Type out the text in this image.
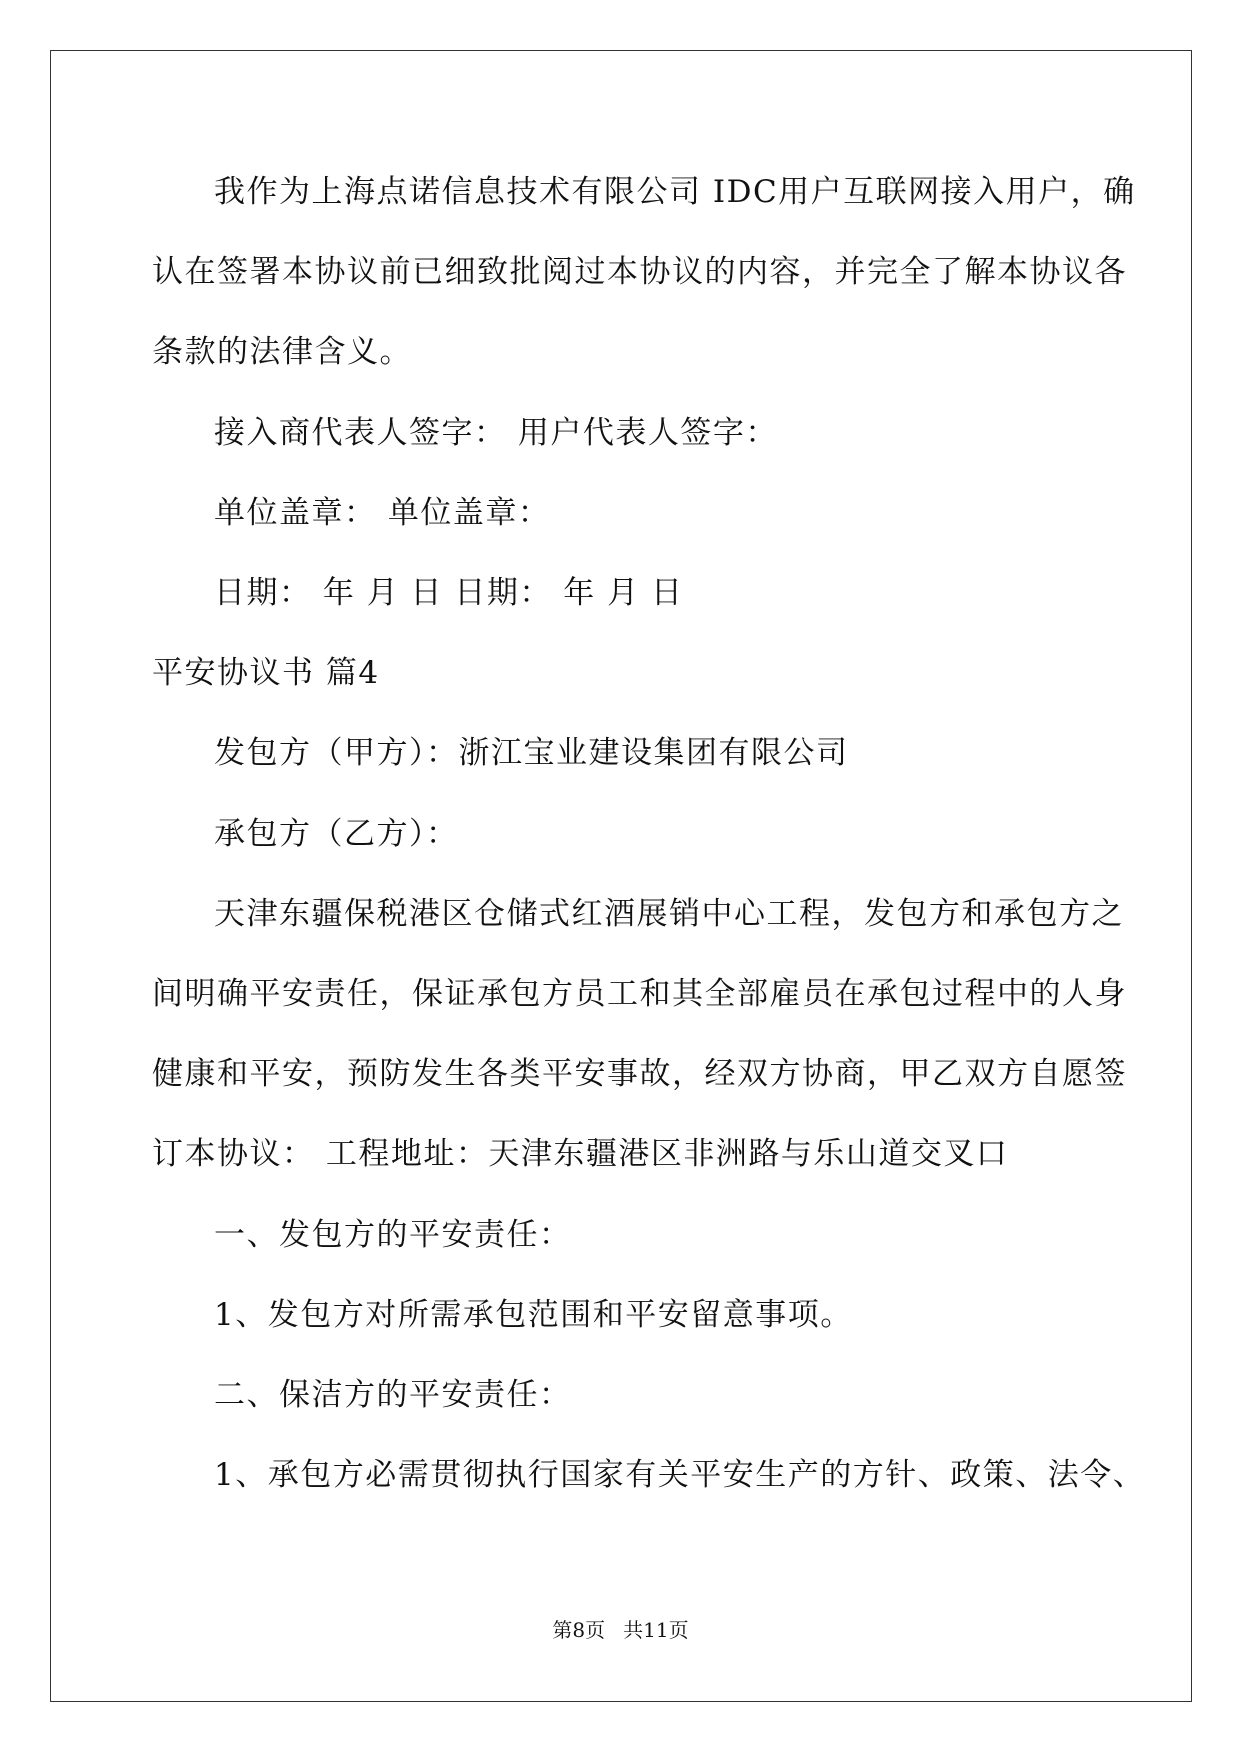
我作为上海点诺信息技术有限公司 IDC用户互联网接入用户，确
认在签署本协议前已细致批阅过本协议的内容，并完全了解本协议各
条款的法律含义。
接入商代表人签字： 用户代表人签字：
单位盖章： 单位盖章：
日期： 年 月 日 日期： 年 月 日
平安协议书 篇4
发包方（甲方）：浙江宝业建设集团有限公司
承包方（乙方）：
天津东疆保税港区仓储式红酒展销中心工程，发包方和承包方之
间明确平安责任，保证承包方员工和其全部雇员在承包过程中的人身
健康和平安，预防发生各类平安事故，经双方协商，甲乙双方自愿签
订本协议： 工程地址：天津东疆港区非洲路与乐山道交叉口
一、发包方的平安责任：
1、发包方对所需承包范围和平安留意事项。
二、保洁方的平安责任：
1、承包方必需贯彻执行国家有关平安生产的方针、政策、法令、
第8页 共11页
